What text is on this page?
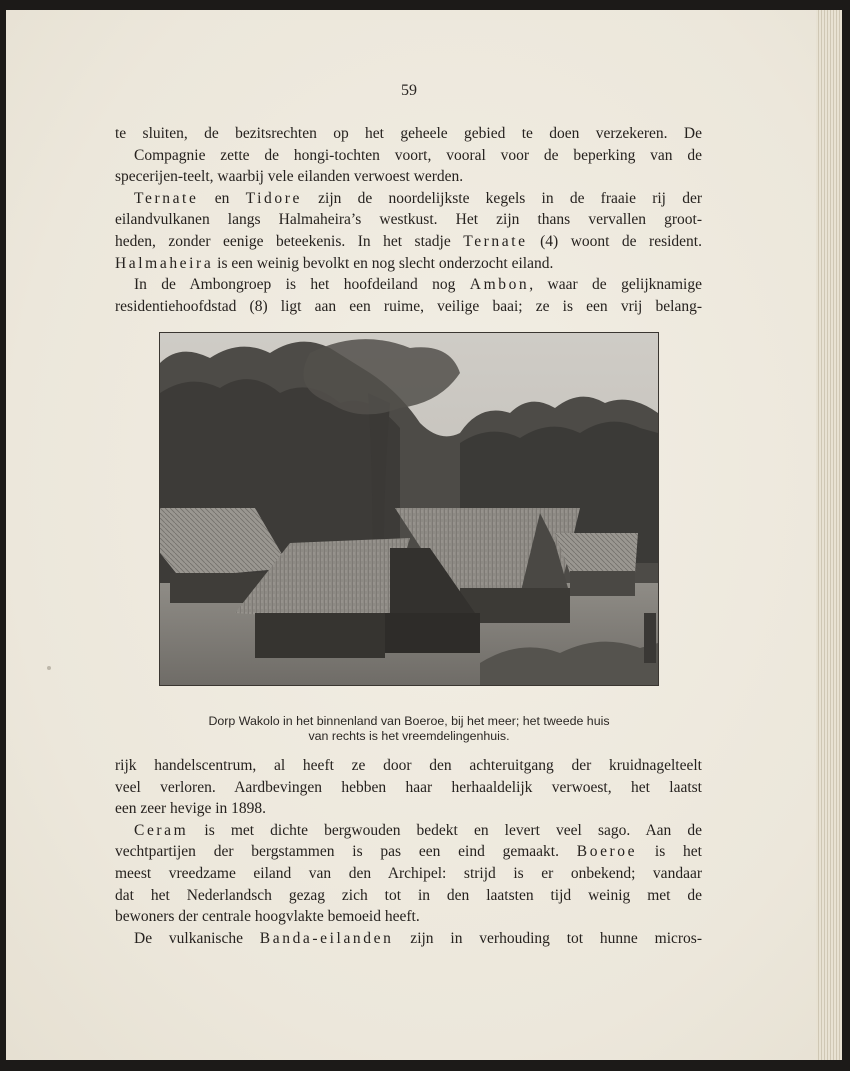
59
te sluiten, de bezitsrechten op het geheele gebied te doen verzekeren. De
Compagnie zette de hongi-tochten voort, vooral voor de beperking van de
specerijen-teelt, waarbij vele eilanden verwoest werden.
Ternate en Tidore zijn de noordelijkste kegels in de fraaie rij der
eilandvulkanen langs Halmaheira’s westkust. Het zijn thans vervallen groot-
heden, zonder eenige beteekenis. In het stadje Ternate (4) woont de resident.
Halmaheira is een weinig bevolkt en nog slecht onderzocht eiland.
In de Ambongroep is het hoofdeiland nog Ambon, waar de gelijknamige
residentiehoofdstad (8) ligt aan een ruime, veilige baai; ze is een vrij belang-
Dorp Wakolo in het binnenland van Boeroe, bij het meer; het tweede huis
van rechts is het vreemdelingenhuis.
rijk handelscentrum, al heeft ze door den achteruitgang der kruidnagelteelt
veel verloren. Aardbevingen hebben haar herhaaldelijk verwoest, het laatst
een zeer hevige in 1898.
Ceram is met dichte bergwouden bedekt en levert veel sago. Aan de
vechtpartijen der bergstammen is pas een eind gemaakt. Boeroe is het
meest vreedzame eiland van den Archipel: strijd is er onbekend; vandaar
dat het Nederlandsch gezag zich tot in den laatsten tijd weinig met de
bewoners der centrale hoogvlakte bemoeid heeft.
De vulkanische Banda-eilanden zijn in verhouding tot hunne micros-
